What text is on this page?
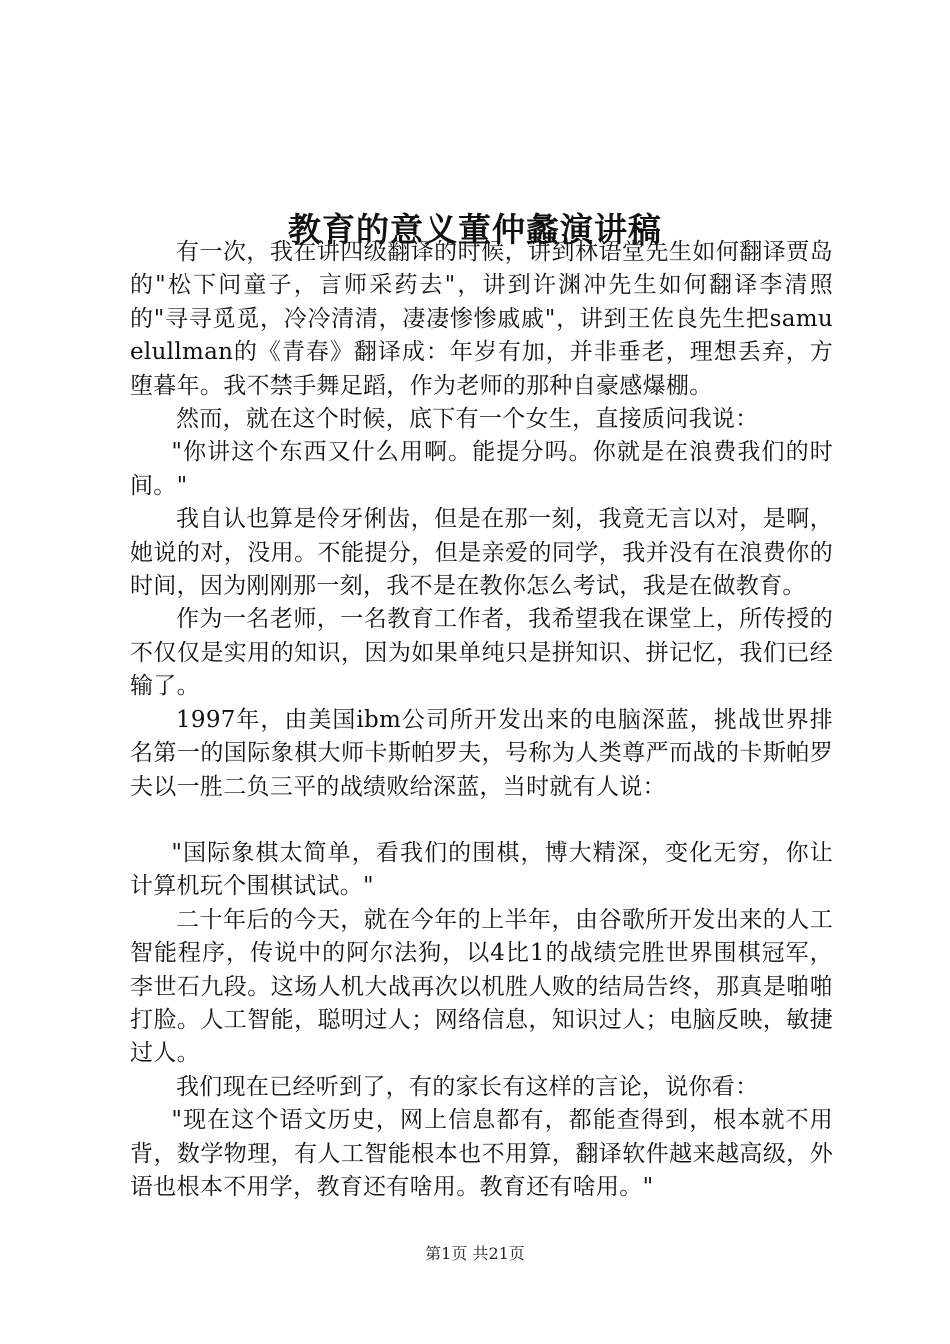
教育的意义董仲蠡演讲稿

有一次，我在讲四级翻译的时候，讲到林语堂先生如何翻译贾岛的"松下问童子，言师采药去"，讲到许渊冲先生如何翻译李清照的"寻寻觅觅，冷冷清清，凄凄惨惨戚戚"，讲到王佐良先生把samuelullman的《青春》翻译成：年岁有加，并非垂老，理想丢弃，方堕暮年。我不禁手舞足蹈，作为老师的那种自豪感爆棚。

然而，就在这个时候，底下有一个女生，直接质问我说：

"你讲这个东西又什么用啊。能提分吗。你就是在浪费我们的时间。"

我自认也算是伶牙俐齿，但是在那一刻，我竟无言以对，是啊，她说的对，没用。不能提分，但是亲爱的同学，我并没有在浪费你的时间，因为刚刚那一刻，我不是在教你怎么考试，我是在做教育。

作为一名老师，一名教育工作者，我希望我在课堂上，所传授的不仅仅是实用的知识，因为如果单纯只是拼知识、拼记忆，我们已经输了。

1997年，由美国ibm公司所开发出来的电脑深蓝，挑战世界排名第一的国际象棋大师卡斯帕罗夫，号称为人类尊严而战的卡斯帕罗夫以一胜二负三平的战绩败给深蓝，当时就有人说：

"国际象棋太简单，看我们的围棋，博大精深，变化无穷，你让计算机玩个围棋试试。"

二十年后的今天，就在今年的上半年，由谷歌所开发出来的人工智能程序，传说中的阿尔法狗，以4比1的战绩完胜世界围棋冠军，李世石九段。这场人机大战再次以机胜人败的结局告终，那真是啪啪打脸。人工智能，聪明过人；网络信息，知识过人；电脑反映，敏捷过人。

我们现在已经听到了，有的家长有这样的言论，说你看：

"现在这个语文历史，网上信息都有，都能查得到，根本就不用背，数学物理，有人工智能根本也不用算，翻译软件越来越高级，外语也根本不用学，教育还有啥用。教育还有啥用。"

第1页 共21页
